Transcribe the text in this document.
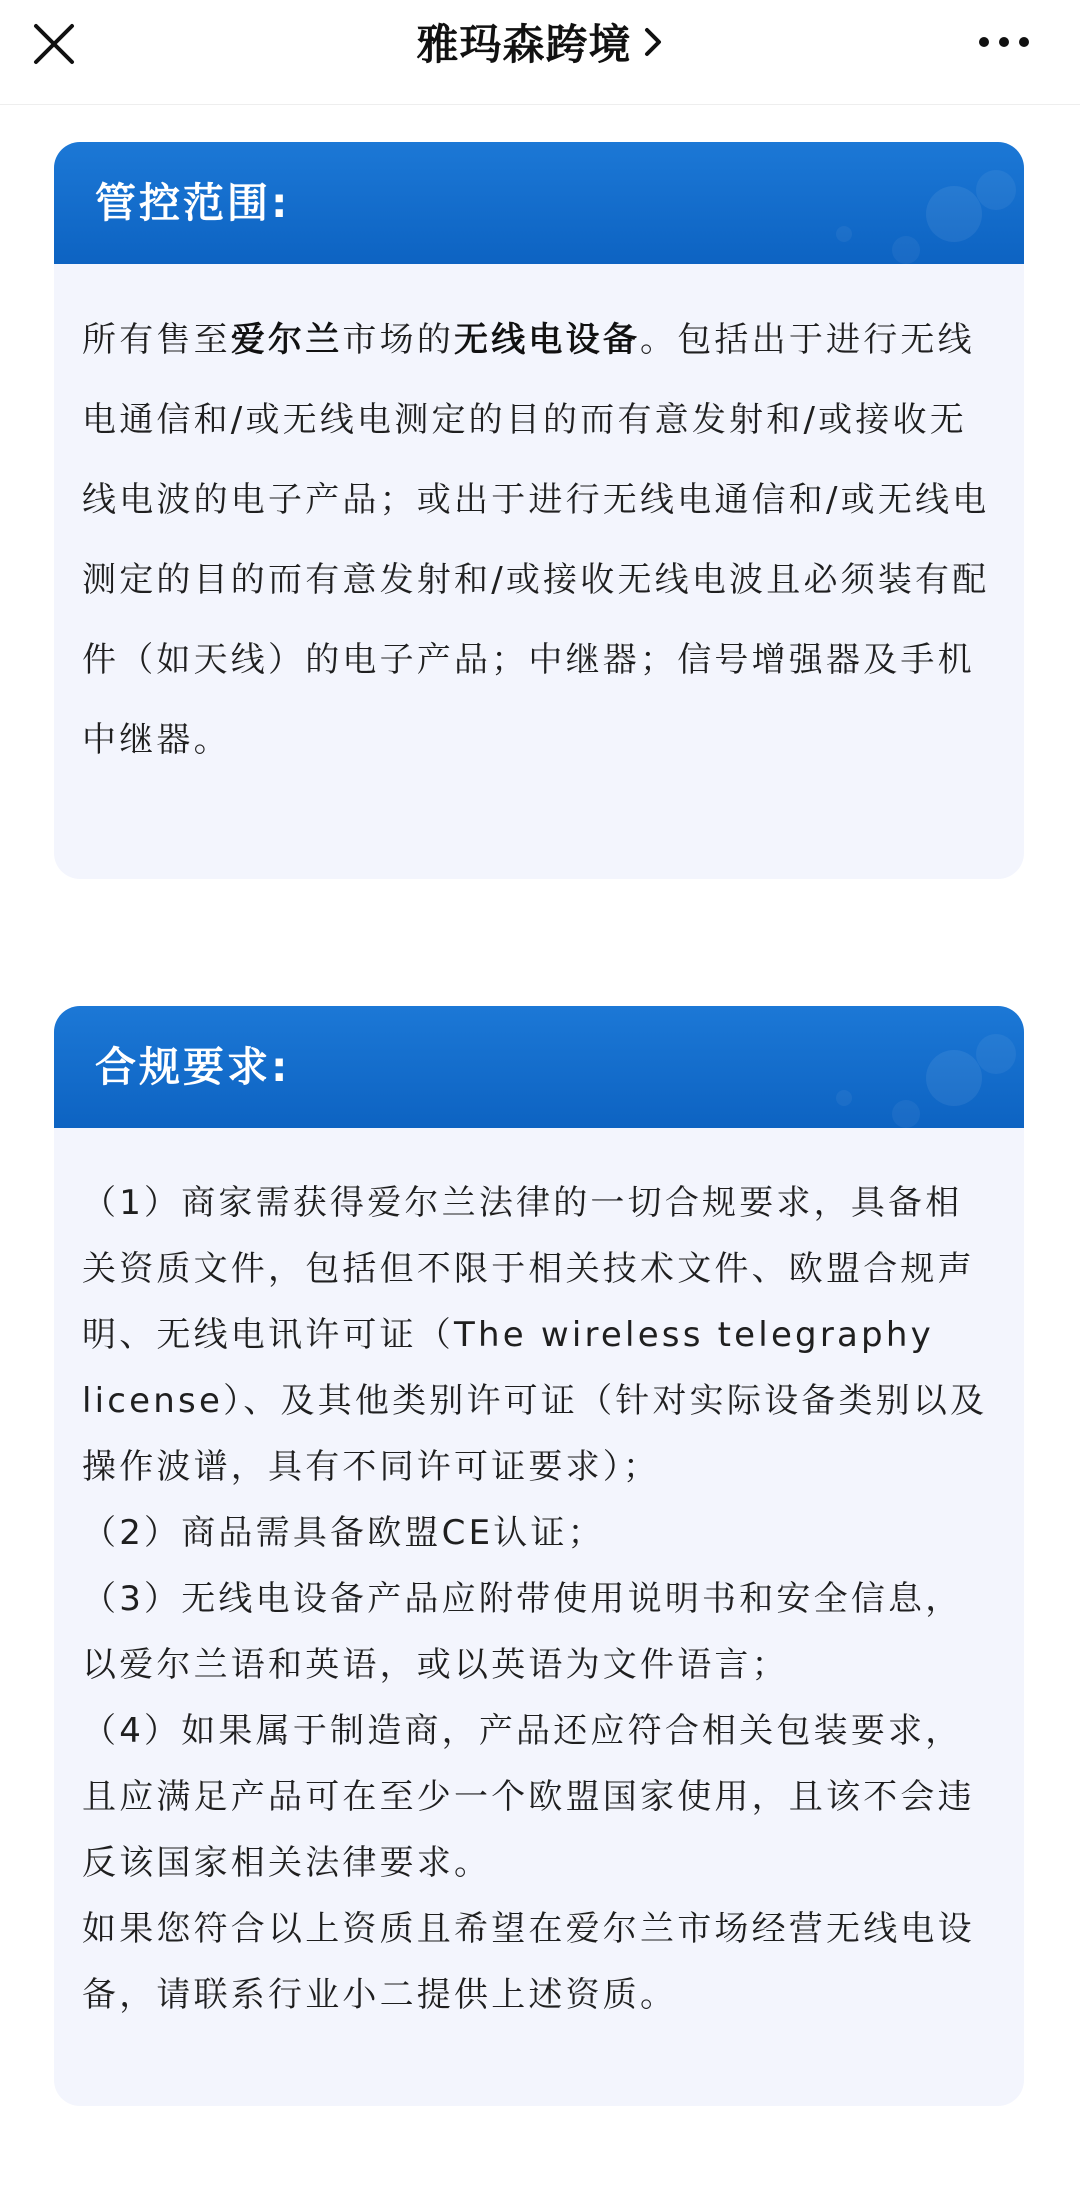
雅玛森跨境
管控范围:
所有售至爱尔兰市场的无线电设备。包括出于进行无线电通信和/或无线电测定的目的而有意发射和/或接收无线电波的电子产品；或出于进行无线电通信和/或无线电测定的目的而有意发射和/或接收无线电波且必须装有配件（如天线）的电子产品；中继器；信号增强器及手机中继器。
合规要求:

（1）商家需获得爱尔兰法律的一切合规要求，具备相关资质文件，包括但不限于相关技术文件、欧盟合规声明、无线电讯许可证（The wireless telegraphy license）、及其他类别许可证（针对实际设备类别以及操作波谱，具有不同许可证要求）；

（2）商品需具备欧盟CE认证；

（3）无线电设备产品应附带使用说明书和安全信息，以爱尔兰语和英语，或以英语为文件语言；

（4）如果属于制造商，产品还应符合相关包装要求，且应满足产品可在至少一个欧盟国家使用，且该不会违反该国家相关法律要求。

如果您符合以上资质且希望在爱尔兰市场经营无线电设备，请联系行业小二提供上述资质。
